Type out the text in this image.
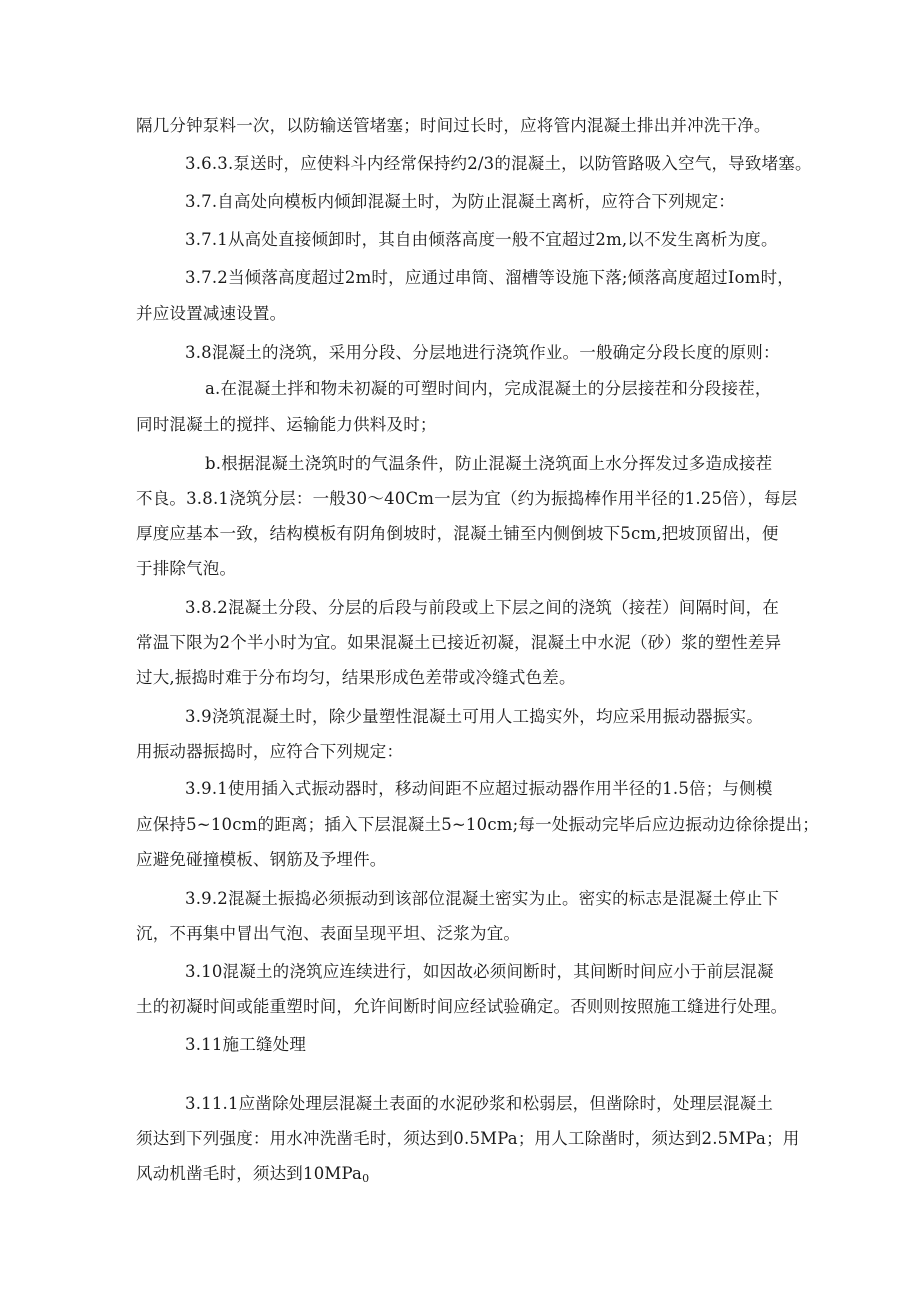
隔几分钟泵料一次，以防输送管堵塞；时间过长时，应将管内混凝土排出并冲洗干净。
3.6.3.泵送时，应使料斗内经常保持约2/3的混凝土，以防管路吸入空气，导致堵塞。
3.7.自高处向模板内倾卸混凝土时，为防止混凝土离析，应符合下列规定：
3.7.1从高处直接倾卸时，其自由倾落高度一般不宜超过2m,以不发生离析为度。
3.7.2当倾落高度超过2m时，应通过串筒、溜槽等设施下落;倾落高度超过Iom时，
并应设置减速设置。
3.8混凝土的浇筑，采用分段、分层地进行浇筑作业。一般确定分段长度的原则：
a.在混凝土拌和物未初凝的可塑时间内，完成混凝土的分层接茬和分段接茬，
同时混凝土的搅拌、运输能力供料及时；
b.根据混凝土浇筑时的气温条件，防止混凝土浇筑面上水分挥发过多造成接茬
不良。3.8.1浇筑分层：一般30～40Cm一层为宜（约为振捣棒作用半径的1.25倍），每层
厚度应基本一致，结构模板有阴角倒坡时，混凝土铺至内侧倒坡下5cm,把坡顶留出，便
于排除气泡。
3.8.2混凝土分段、分层的后段与前段或上下层之间的浇筑（接茬）间隔时间，在
常温下限为2个半小时为宜。如果混凝土已接近初凝，混凝土中水泥（砂）浆的塑性差异
过大,振捣时难于分布均匀，结果形成色差带或冷缝式色差。
3.9浇筑混凝土时，除少量塑性混凝土可用人工捣实外，均应采用振动器振实。
用振动器振捣时，应符合下列规定：
3.9.1使用插入式振动器时，移动间距不应超过振动器作用半径的1.5倍；与侧模
应保持5~10cm的距离；插入下层混凝土5~10cm;每一处振动完毕后应边振动边徐徐提出；
应避免碰撞模板、钢筋及予埋件。
3.9.2混凝土振捣必须振动到该部位混凝土密实为止。密实的标志是混凝土停止下
沉，不再集中冒出气泡、表面呈现平坦、泛浆为宜。
3.10混凝土的浇筑应连续进行，如因故必须间断时，其间断时间应小于前层混凝
土的初凝时间或能重塑时间，允许间断时间应经试验确定。否则则按照施工缝进行处理。
3.11施工缝处理
3.11.1应凿除处理层混凝土表面的水泥砂浆和松弱层，但凿除时，处理层混凝土
须达到下列强度：用水冲洗凿毛时，须达到0.5MPa；用人工除凿时，须达到2.5MPa；用
风动机凿毛时，须达到10MPa$_0$
